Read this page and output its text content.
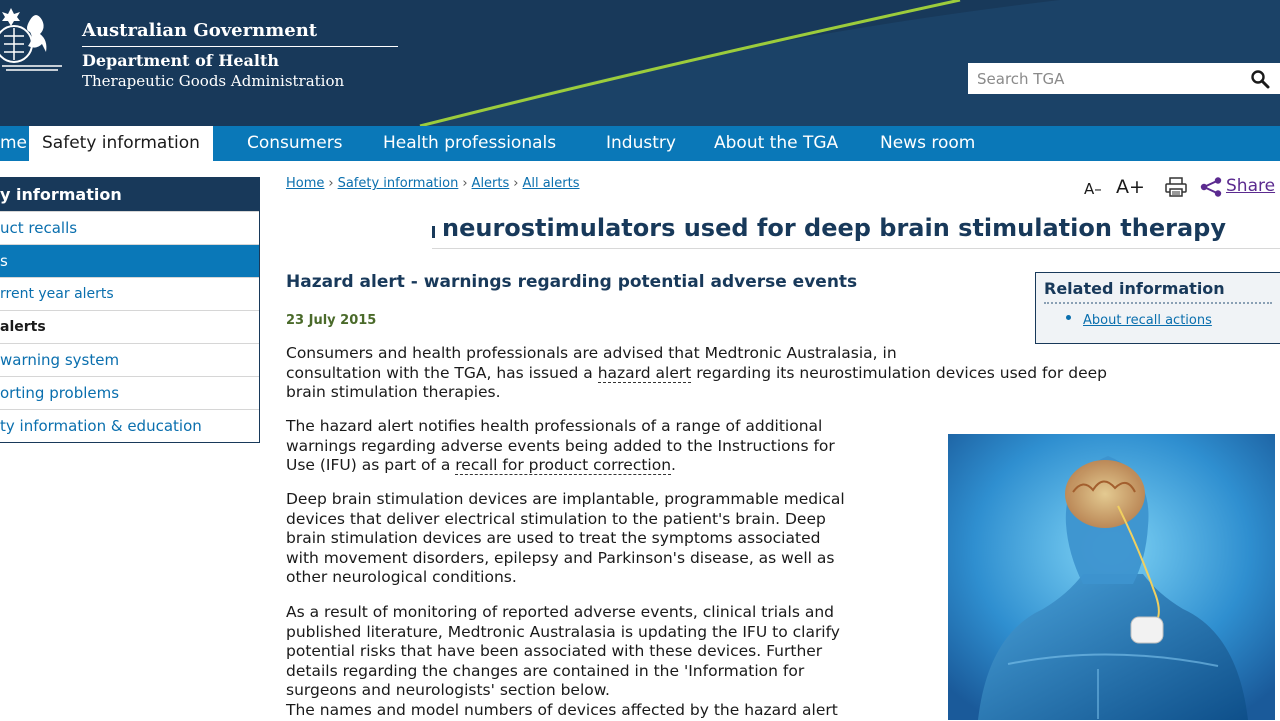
Australian Government
Department of Health
Therapeutic Goods Administration
Search TGA
me Safety information	Consumers Health professionals	Industry About the TGA News room
y information
uct recalls
s
rrent year alerts
alerts
warning system
orting problems
ty information & education
Home › Safety information › Alerts › All alerts	A– A+	Share
neurostimulators used for deep brain stimulation therapy
Hazard alert - warnings regarding potential adverse events
23 July 2015
Related information
About recall actions
Consumers and health professionals are advised that Medtronic Australasia, in
consultation with the TGA, has issued a hazard alert regarding its neurostimulation devices used for deep
brain stimulation therapies.
The hazard alert notifies health professionals of a range of additional
warnings regarding adverse events being added to the Instructions for
Use (IFU) as part of a recall for product correction.
Deep brain stimulation devices are implantable, programmable medical
devices that deliver electrical stimulation to the patient's brain. Deep
brain stimulation devices are used to treat the symptoms associated
with movement disorders, epilepsy and Parkinson's disease, as well as
other neurological conditions.
As a result of monitoring of reported adverse events, clinical trials and
published literature, Medtronic Australasia is updating the IFU to clarify
potential risks that have been associated with these devices. Further
details regarding the changes are contained in the 'Information for
surgeons and neurologists' section below.
The names and model numbers of devices affected by the hazard alert
